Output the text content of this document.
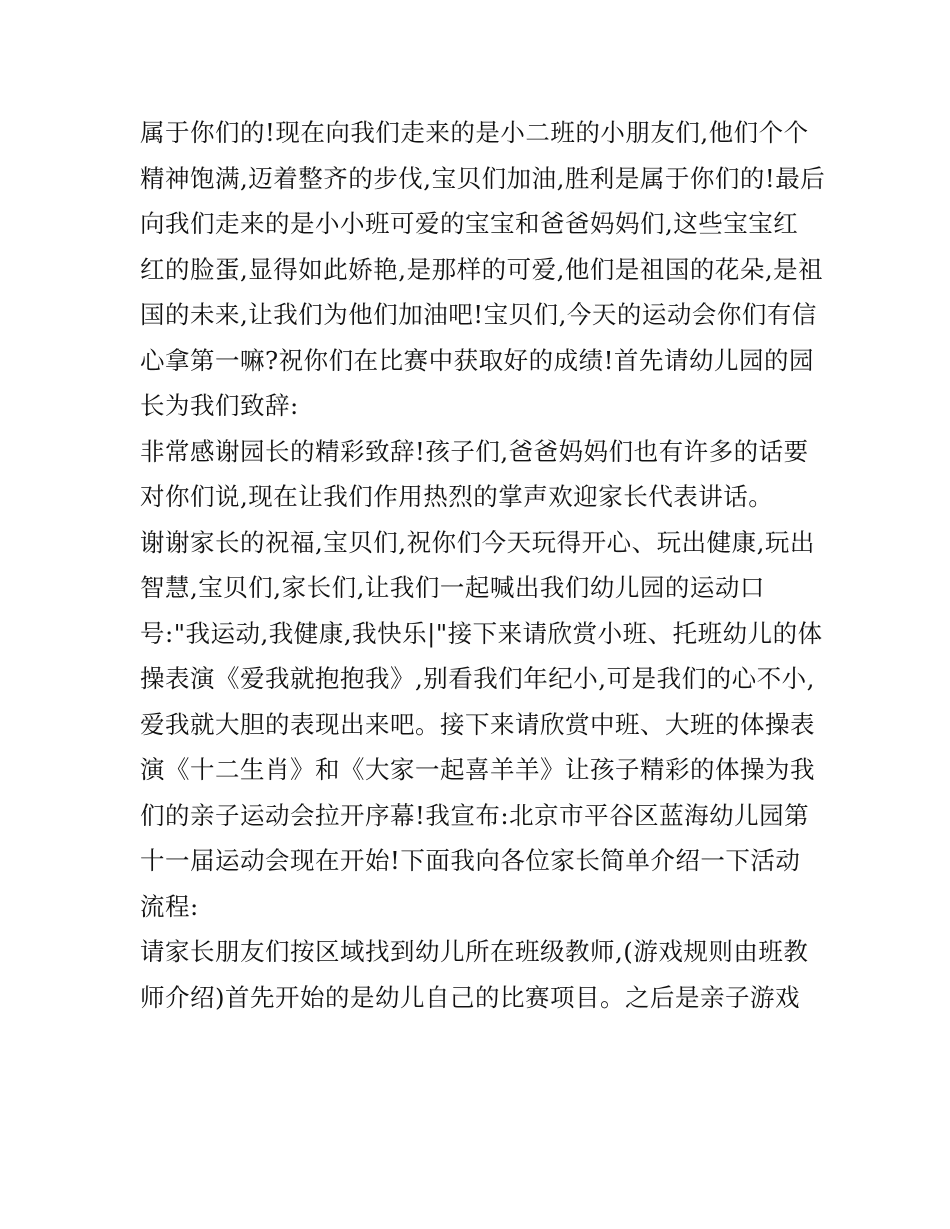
属于你们的!现在向我们走来的是小二班的小朋友们,他们个个
精神饱满,迈着整齐的步伐,宝贝们加油,胜利是属于你们的!最后
向我们走来的是小小班可爱的宝宝和爸爸妈妈们,这些宝宝红
红的脸蛋,显得如此娇艳,是那样的可爱,他们是祖国的花朵,是祖
国的未来,让我们为他们加油吧!宝贝们,今天的运动会你们有信
心拿第一嘛?祝你们在比赛中获取好的成绩!首先请幼儿园的园
长为我们致辞:
非常感谢园长的精彩致辞!孩子们,爸爸妈妈们也有许多的话要
对你们说,现在让我们作用热烈的掌声欢迎家长代表讲话。
谢谢家长的祝福,宝贝们,祝你们今天玩得开心、玩出健康,玩出
智慧,宝贝们,家长们,让我们一起喊出我们幼儿园的运动口
号:"我运动,我健康,我快乐|"接下来请欣赏小班、托班幼儿的体
操表演《爱我就抱抱我》,别看我们年纪小,可是我们的心不小,
爱我就大胆的表现出来吧。接下来请欣赏中班、大班的体操表
演《十二生肖》和《大家一起喜羊羊》让孩子精彩的体操为我
们的亲子运动会拉开序幕!我宣布:北京市平谷区蓝海幼儿园第
十一届运动会现在开始!下面我向各位家长简单介绍一下活动
流程:
请家长朋友们按区域找到幼儿所在班级教师,(游戏规则由班教
师介绍)首先开始的是幼儿自己的比赛项目。之后是亲子游戏
